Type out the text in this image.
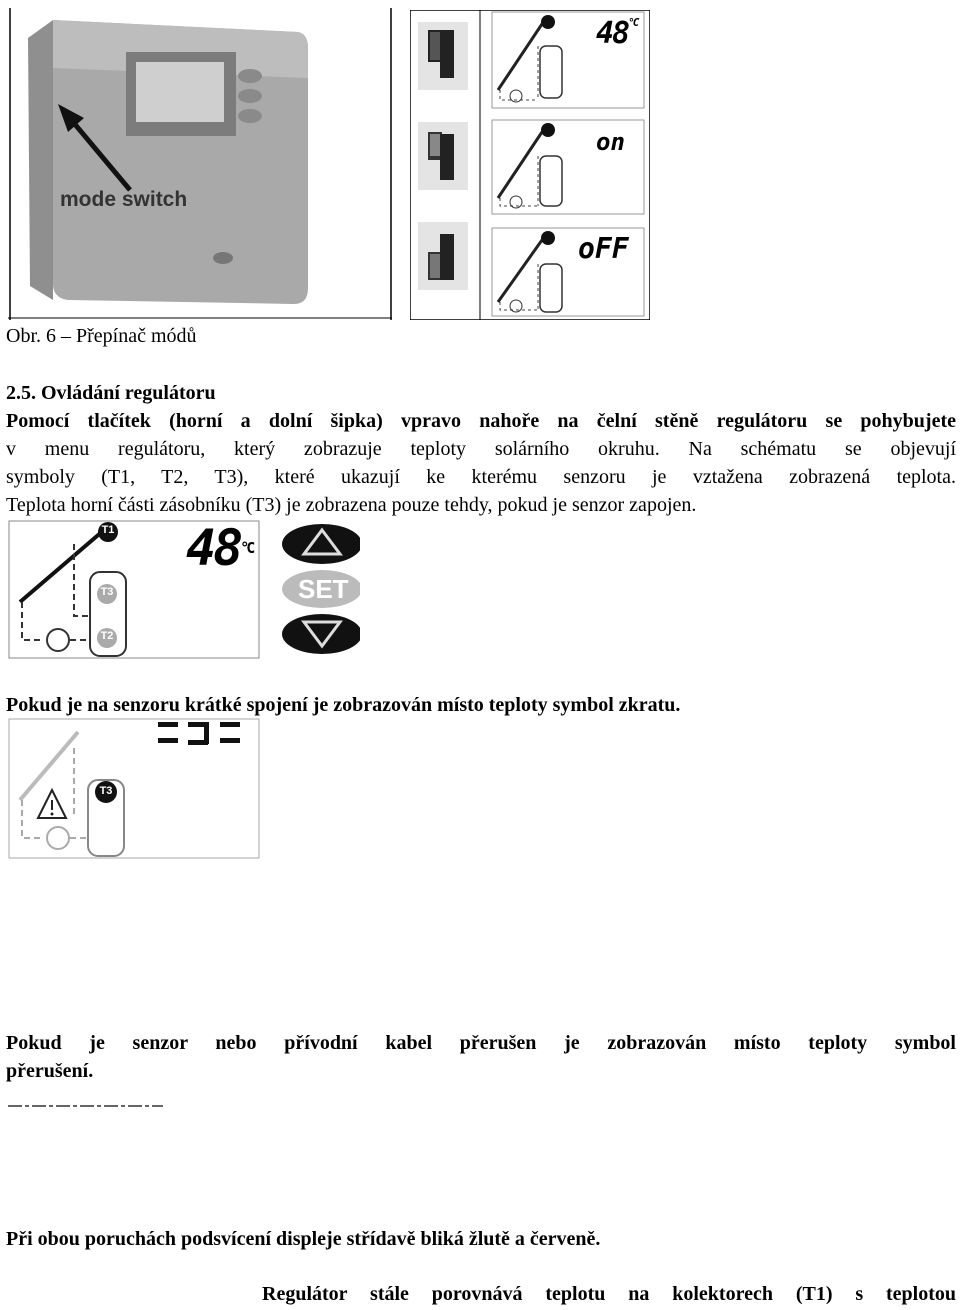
mode switch
T1
T1
T1
$48^{^\circ C}$
on
oFF
Obr. 6 – Přepínač módů
2.5. Ovládání regulátoru
Pomocí tlačítek (horní a dolní šipka) vpravo nahoře na čelní stěně regulátoru se pohybujete
v menu regulátoru, který zobrazuje teploty solárního okruhu. Na schématu se objevují
symboly (T1, T2, T3), které ukazují ke kterému senzoru je vztažena zobrazená teplota.
Teplota horní části zásobníku (T3) je zobrazena pouze tehdy, pokud je senzor zapojen.
T1
T3
T2
$48^{^\circ C}$
SET
Pokud je na senzoru krátké spojení je zobrazován místo teploty symbol zkratu.
T3
Pokud je senzor nebo přívodní kabel přerušen je zobrazován místo teploty symbol
přerušení.
Při obou poruchách podsvícení displeje střídavě bliká žlutě a červeně.
Regulátor stále porovnává teplotu na kolektorech (T1) s teplotou
